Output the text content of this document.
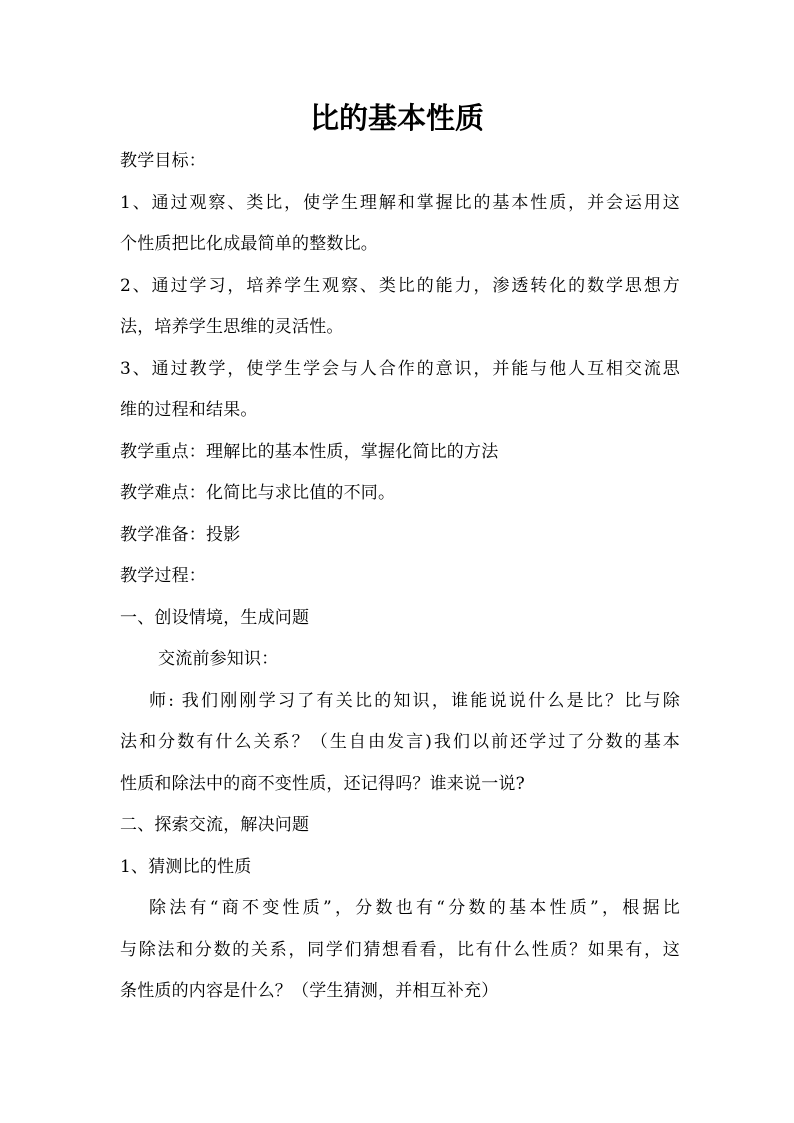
比的基本性质
教学目标：
1、通过观察、类比，使学生理解和掌握比的基本性质，并会运用这
个性质把比化成最简单的整数比。
2、通过学习，培养学生观察、类比的能力，渗透转化的数学思想方
法，培养学生思维的灵活性。
3、通过教学，使学生学会与人合作的意识，并能与他人互相交流思
维的过程和结果。
教学重点：理解比的基本性质，掌握化简比的方法
教学难点：化简比与求比值的不同。
教学准备：投影
教学过程：
一、创设情境，生成问题
交流前参知识：
师: 我们刚刚学习了有关比的知识，谁能说说什么是比？比与除
法和分数有什么关系？（生自由发言)我们以前还学过了分数的基本
性质和除法中的商不变性质，还记得吗？谁来说一说?
二、探索交流，解决问题
1、猜测比的性质
除法有“商不变性质”，分数也有“分数的基本性质”，根据比
与除法和分数的关系，同学们猜想看看，比有什么性质？如果有，这
条性质的内容是什么？（学生猜测，并相互补充）
